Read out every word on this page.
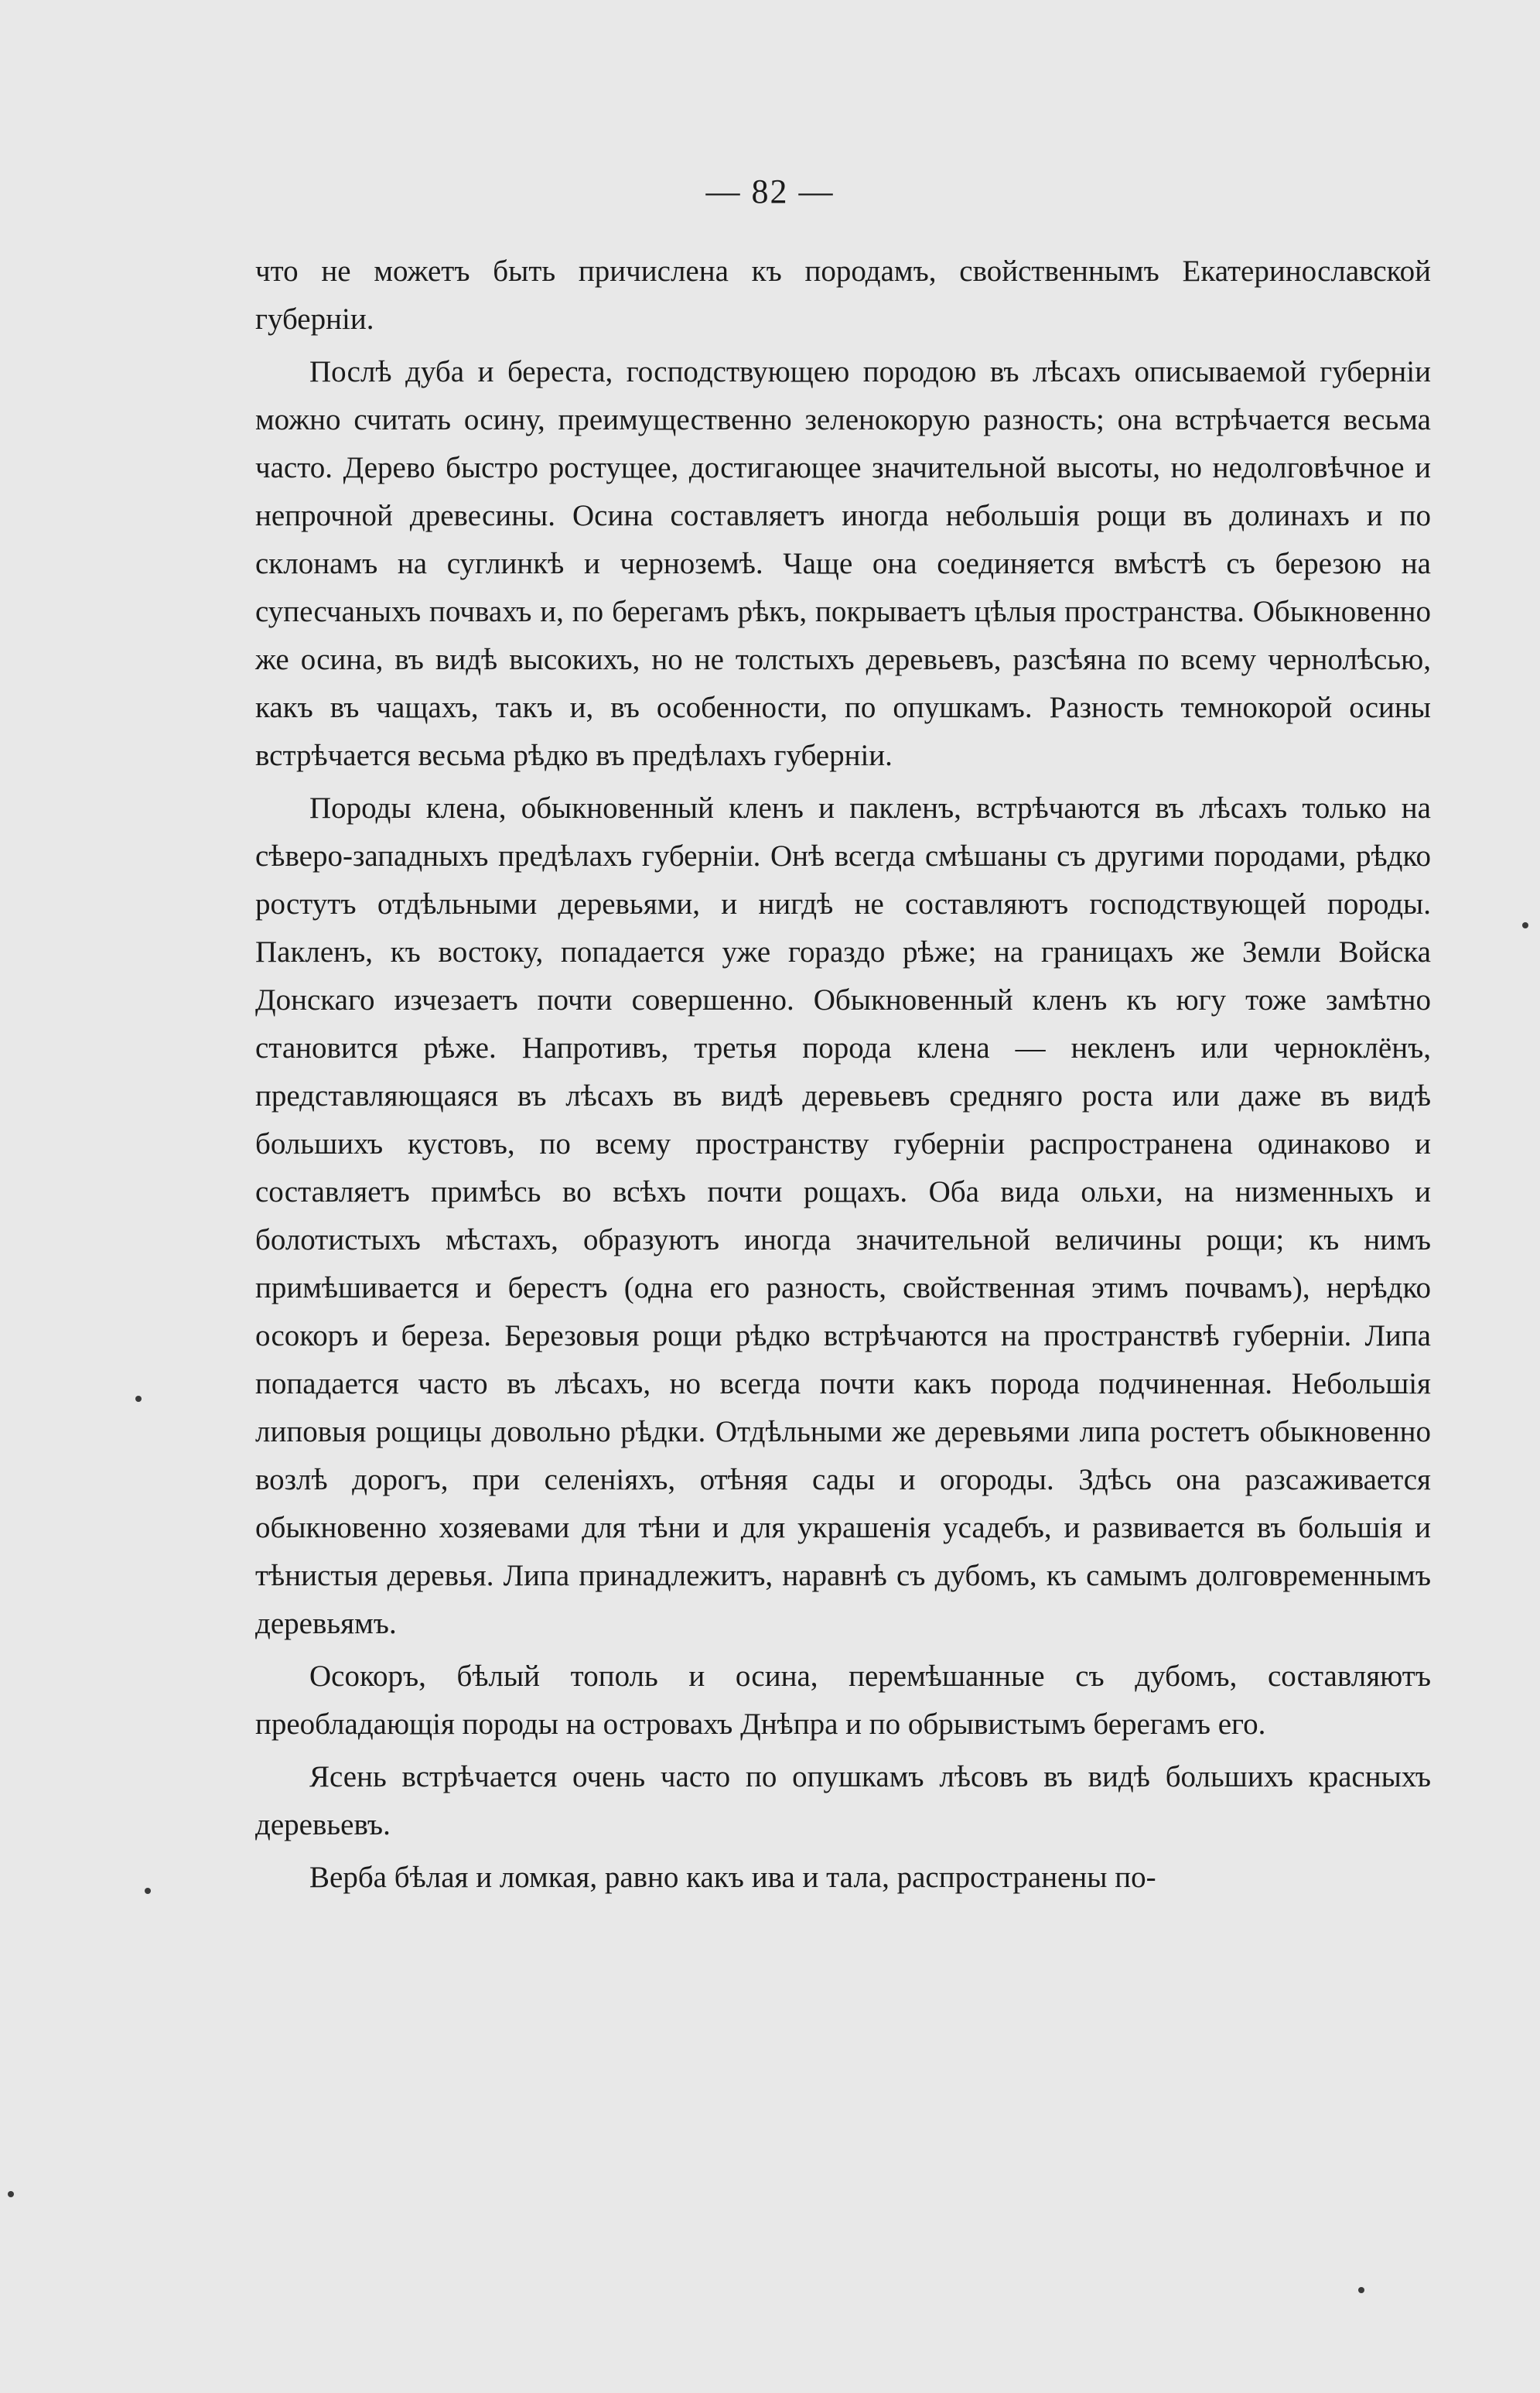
— 82 —

что не можетъ быть причислена къ породамъ, свойственнымъ Екатеринославской губерніи.

Послѣ дуба и береста, господствующею породою въ лѣсахъ описываемой губерніи можно считать осину, преимущественно зеленокорую разность; она встрѣчается весьма часто. Дерево быстро ростущее, достигающее значительной высоты, но недолговѣчное и непрочной древесины. Осина составляетъ иногда небольшія рощи въ долинахъ и по склонамъ на суглинкѣ и черноземѣ. Чаще она соединяется вмѣстѣ съ березою на супесчаныхъ почвахъ и, по берегамъ рѣкъ, покрываетъ цѣлыя пространства. Обыкновенно же осина, въ видѣ высокихъ, но не толстыхъ деревьевъ, разсѣяна по всему чернолѣсью, какъ въ чащахъ, такъ и, въ особенности, по опушкамъ. Разность темнокорой осины встрѣчается весьма рѣдко въ предѣлахъ губерніи.

Породы клена, обыкновенный кленъ и пакленъ, встрѣчаются въ лѣсахъ только на сѣверо-западныхъ предѣлахъ губерніи. Онѣ всегда смѣшаны съ другими породами, рѣдко ростутъ отдѣльными деревьями, и нигдѣ не составляютъ господствующей породы. Пакленъ, къ востоку, попадается уже гораздо рѣже; на границахъ же Земли Войска Донскаго изчезаетъ почти совершенно. Обыкновенный кленъ къ югу тоже замѣтно становится рѣже. Напротивъ, третья порода клена — некленъ или черноклёнъ, представляющаяся въ лѣсахъ въ видѣ деревьевъ средняго роста или даже въ видѣ большихъ кустовъ, по всему пространству губерніи распространена одинаково и составляетъ примѣсь во всѣхъ почти рощахъ. Оба вида ольхи, на низменныхъ и болотистыхъ мѣстахъ, образуютъ иногда значительной величины рощи; къ нимъ примѣшивается и берестъ (одна его разность, свойственная этимъ почвамъ), нерѣдко осокоръ и береза. Березовыя рощи рѣдко встрѣчаются на пространствѣ губерніи. Липа попадается часто въ лѣсахъ, но всегда почти какъ порода подчиненная. Небольшія липовыя рощицы довольно рѣдки. Отдѣльными же деревьями липа ростетъ обыкновенно возлѣ дорогъ, при селеніяхъ, отѣняя сады и огороды. Здѣсь она разсаживается обыкновенно хозяевами для тѣни и для украшенія усадебъ, и развивается въ большія и тѣнистыя деревья. Липа принадлежитъ, наравнѣ съ дубомъ, къ самымъ долговременнымъ деревьямъ.

Осокоръ, бѣлый тополь и осина, перемѣшанные съ дубомъ, составляютъ преобладающія породы на островахъ Днѣпра и по обрывистымъ берегамъ его.

Ясень встрѣчается очень часто по опушкамъ лѣсовъ въ видѣ большихъ красныхъ деревьевъ.

Верба бѣлая и ломкая, равно какъ ива и тала, распространены по-
